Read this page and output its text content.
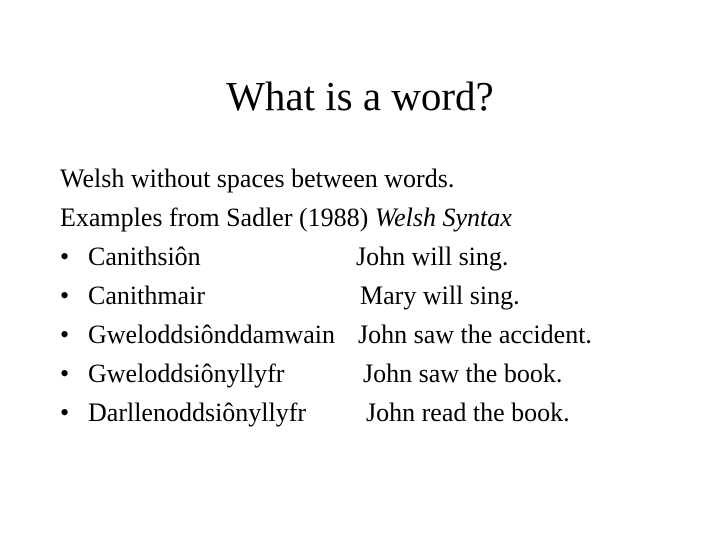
What is a word?
Welsh without spaces between words.
Examples from Sadler (1988) Welsh Syntax
• Canithsiôn	John will sing.
• Canithmair	Mary will sing.
• Gweloddsiônddamwain John saw the accident.
• Gweloddsiônyllyfr	John saw the book.
• Darllenoddsiônyllyfr John read the book.
